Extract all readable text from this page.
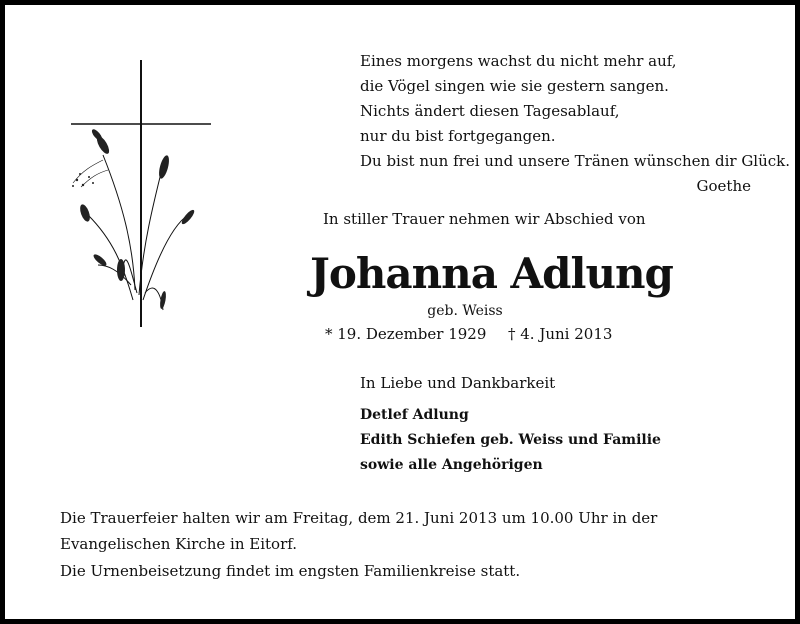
Eines morgens wachst du nicht mehr auf,
die Vögel singen wie sie gestern sangen.
Nichts ändert diesen Tagesablauf,
nur du bist fortgegangen.
Du bist nun frei und unsere Tränen wünschen dir Glück.
Goethe
In stiller Trauer nehmen wir Abschied von
Johanna Adlung
geb. Weiss
* 19. Dezember 1929 † 4. Juni 2013
In Liebe und Dankbarkeit
Detlef Adlung
Edith Schiefen geb. Weiss und Familie
sowie alle Angehörigen
Die Trauerfeier halten wir am Freitag, dem 21. Juni 2013 um 10.00 Uhr in der Evangelischen Kirche in Eitorf.
Die Urnenbeisetzung findet im engsten Familienkreise statt.
